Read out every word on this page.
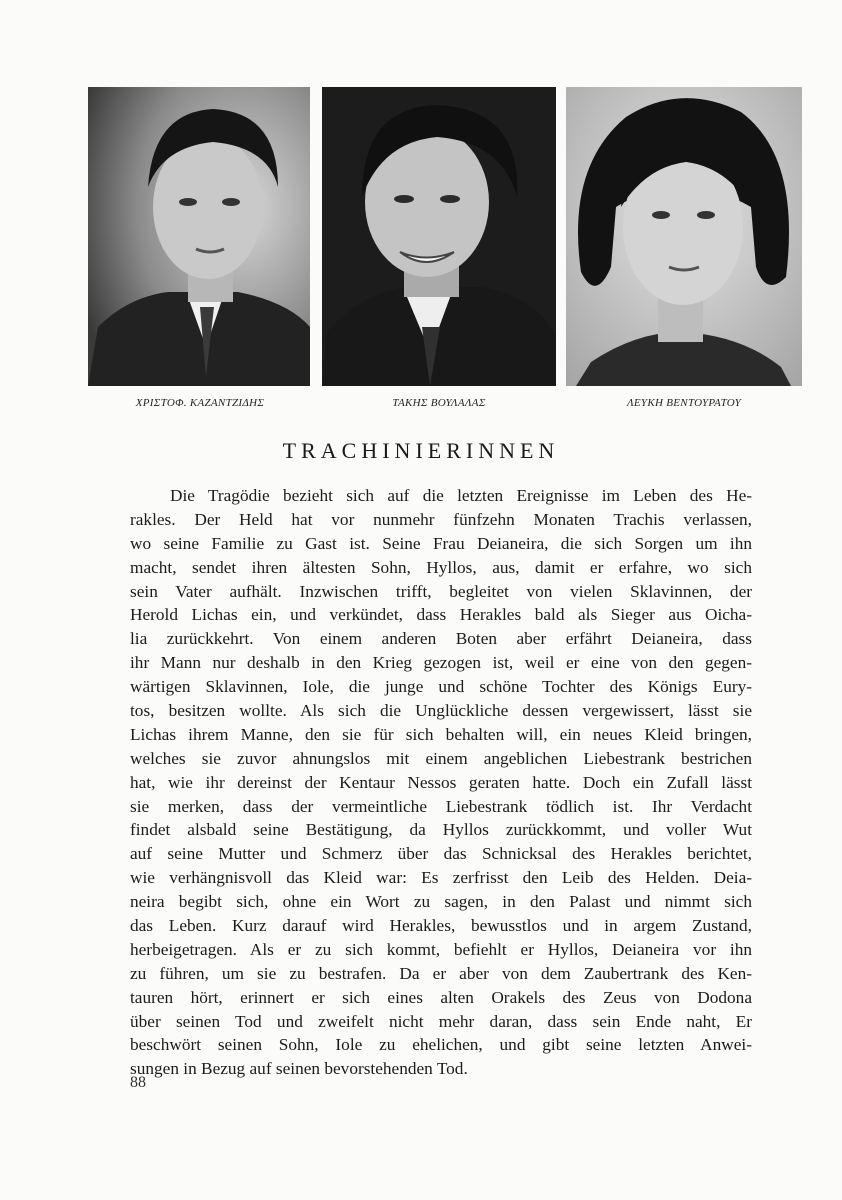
ΧΡΙΣΤΟΦ. ΚΑΖΑΝΤΖΙΔΗΣ	ΤΑΚΗΣ ΒΟΥΛΑΛΑΣ	ΛΕΥΚΗ ΒΕΝΤΟΥΡΑΤΟΥ
TRACHINIERINNEN
Die Tragödie bezieht sich auf die letzten Ereignisse im Leben des He-
rakles. Der Held hat vor nunmehr fünfzehn Monaten Trachis verlassen,
wo seine Familie zu Gast ist. Seine Frau Deianeira, die sich Sorgen um ihn
macht, sendet ihren ältesten Sohn, Hyllos, aus, damit er erfahre, wo sich
sein Vater aufhält. Inzwischen trifft, begleitet von vielen Sklavinnen, der
Herold Lichas ein, und verkündet, dass Herakles bald als Sieger aus Oicha-
lia zurückkehrt. Von einem anderen Boten aber erfährt Deianeira, dass
ihr Mann nur deshalb in den Krieg gezogen ist, weil er eine von den gegen-
wärtigen Sklavinnen, Iole, die junge und schöne Tochter des Königs Eury-
tos, besitzen wollte. Als sich die Unglückliche dessen vergewissert, lässt sie
Lichas ihrem Manne, den sie für sich behalten will, ein neues Kleid bringen,
welches sie zuvor ahnungslos mit einem angeblichen Liebestrank bestrichen
hat, wie ihr dereinst der Kentaur Nessos geraten hatte. Doch ein Zufall lässt
sie merken, dass der vermeintliche Liebestrank tödlich ist. Ihr Verdacht
findet alsbald seine Bestätigung, da Hyllos zurückkommt, und voller Wut
auf seine Mutter und Schmerz über das Schnicksal des Herakles berichtet,
wie verhängnisvoll das Kleid war: Es zerfrisst den Leib des Helden. Deia-
neira begibt sich, ohne ein Wort zu sagen, in den Palast und nimmt sich
das Leben. Kurz darauf wird Herakles, bewusstlos und in argem Zustand,
herbeigetragen. Als er zu sich kommt, befiehlt er Hyllos, Deianeira vor ihn
zu führen, um sie zu bestrafen. Da er aber von dem Zaubertrank des Ken-
tauren hört, erinnert er sich eines alten Orakels des Zeus von Dodona
über seinen Tod und zweifelt nicht mehr daran, dass sein Ende naht, Er
beschwört seinen Sohn, Iole zu ehelichen, und gibt seine letzten Anwei-
sungen in Bezug auf seinen bevorstehenden Tod.
88
